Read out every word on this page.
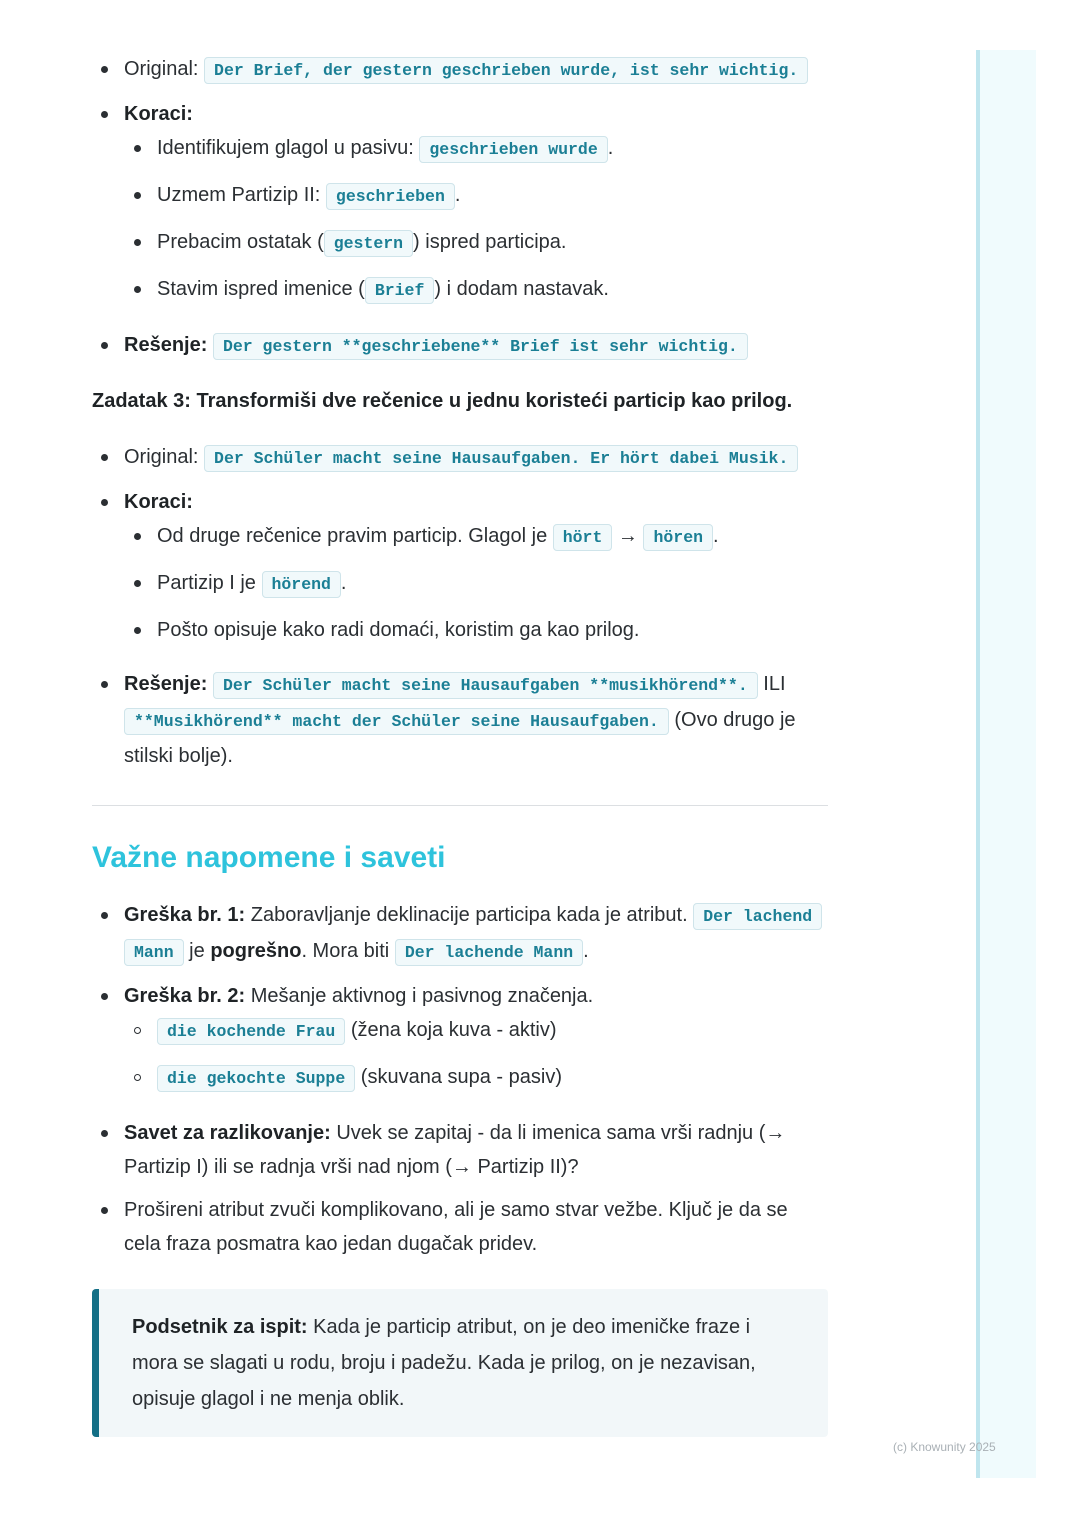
Original: Der Brief, der gestern geschrieben wurde, ist sehr wichtig.
Koraci:
Identifikujem glagol u pasivu: geschrieben wurde .
Uzmem Partizip II: geschrieben .
Prebacim ostatak ( gestern ) ispred participa.
Stavim ispred imenice ( Brief ) i dodam nastavak.
Rešenje: Der gestern **geschriebene** Brief ist sehr wichtig.
Zadatak 3: Transformiši dve rečenice u jednu koristeći particip kao prilog.
Original: Der Schüler macht seine Hausaufgaben. Er hört dabei Musik.
Koraci:
Od druge rečenice pravim particip. Glagol je hört → hören .
Partizip I je hörend .
Pošto opisuje kako radi domaći, koristim ga kao prilog.
Rešenje: Der Schüler macht seine Hausaufgaben **musikhörend**. ILI **Musikhörend** macht der Schüler seine Hausaufgaben. (Ovo drugo je stilski bolje).
Važne napomene i saveti
Greška br. 1: Zaboravljanje deklinacije participa kada je atribut. Der lachend Mann je pogrešno. Mora biti Der lachende Mann .
Greška br. 2: Mešanje aktivnog i pasivnog značenja.
die kochende Frau (žena koja kuva - aktiv)
die gekochte Suppe (skuvana supa - pasiv)
Savet za razlikovanje: Uvek se zapitaj - da li imenica sama vrši radnju (→ Partizip I) ili se radnja vrši nad njom (→ Partizip II)?
Prošireni atribut zvuči komplikovano, ali je samo stvar vežbe. Ključ je da se cela fraza posmatra kao jedan dugačak pridev.
Podsetnik za ispit: Kada je particip atribut, on je deo imeničke fraze i mora se slagati u rodu, broju i padežu. Kada je prilog, on je nezavisan, opisuje glagol i ne menja oblik.
(c) Knowunity 2025
